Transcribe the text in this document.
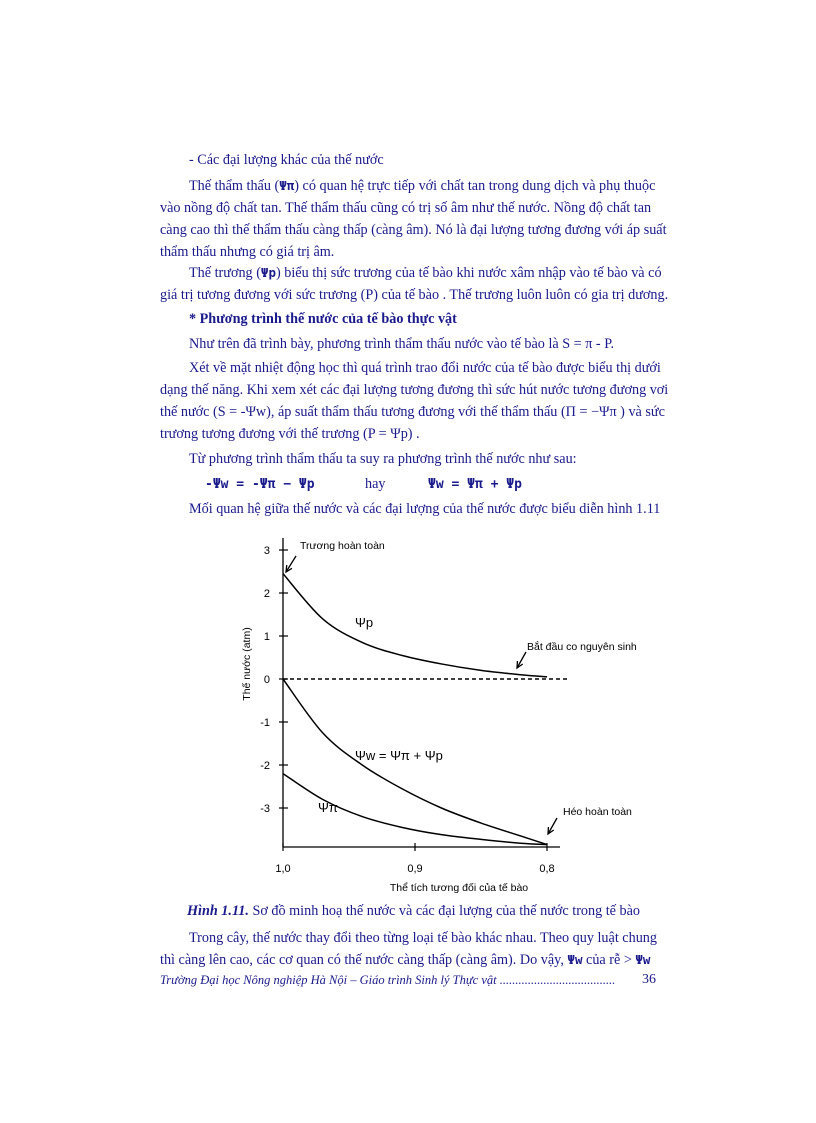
- Các đại lượng khác của thế nước
Thế thẩm thấu (Ψπ) có quan hệ trực tiếp với chất tan trong dung dịch và phụ thuộc
vào nồng độ chất tan. Thế thẩm thấu cũng có trị số âm như thế nước. Nồng độ chất tan
càng cao thì thế thẩm thấu càng thấp (càng âm). Nó là đại lượng tương đương với áp suất
thẩm thấu nhưng có giá trị âm.
Thế trương (Ψp) biểu thị sức trương của tế bào khi nước xâm nhập vào tế bào và có
giá trị tương đương với sức trương (P) của tế bào . Thế trương luôn luôn có gia trị dương.
* Phương trình thế nước của tế bào thực vật
Như trên đã trình bày, phương trình thẩm thấu nước vào tế bào là S = π - P.
Xét về mặt nhiệt động học thì quá trình trao đổi nước của tế bào được biểu thị dưới
dạng thế năng. Khi xem xét các đại lượng tương đương thì sức hút nước tương đương vơi
thế nước (S = -Ψw), áp suất thẩm thấu tương đương với thế thẩm thấu (Π = −Ψπ ) và sức
trương tương đương với thế trương (P = Ψp) .
Từ phương trình thẩm thấu ta suy ra phương trình thế nước như sau:
-Ψw = -Ψπ − Ψp	hay	Ψw = Ψπ + Ψp
Mối quan hệ giữa thế nước và các đại lượng của thế nước được biểu diễn hình 1.11
3
2
1
0
-1
-2
-3
1,0	0,9	0,8
Thể tích tương đối của tế bào
Thế nước (atm)
Ψp
Ψw = Ψπ + Ψp
Ψπ
Trương hoàn toàn
Bắt đầu co nguyên sinh
Héo hoàn toàn
Hình 1.11. Sơ đồ minh hoạ thế nước và các đại lượng của thế nước trong tế bào
Trong cây, thế nước thay đổi theo từng loại tế bào khác nhau. Theo quy luật chung
thì càng lên cao, các cơ quan có thế nước càng thấp (càng âm). Do vậy, Ψw của rễ > Ψw
Trường Đại học Nông nghiệp Hà Nội – Giáo trình Sinh lý Thực vật ..................................... 36
